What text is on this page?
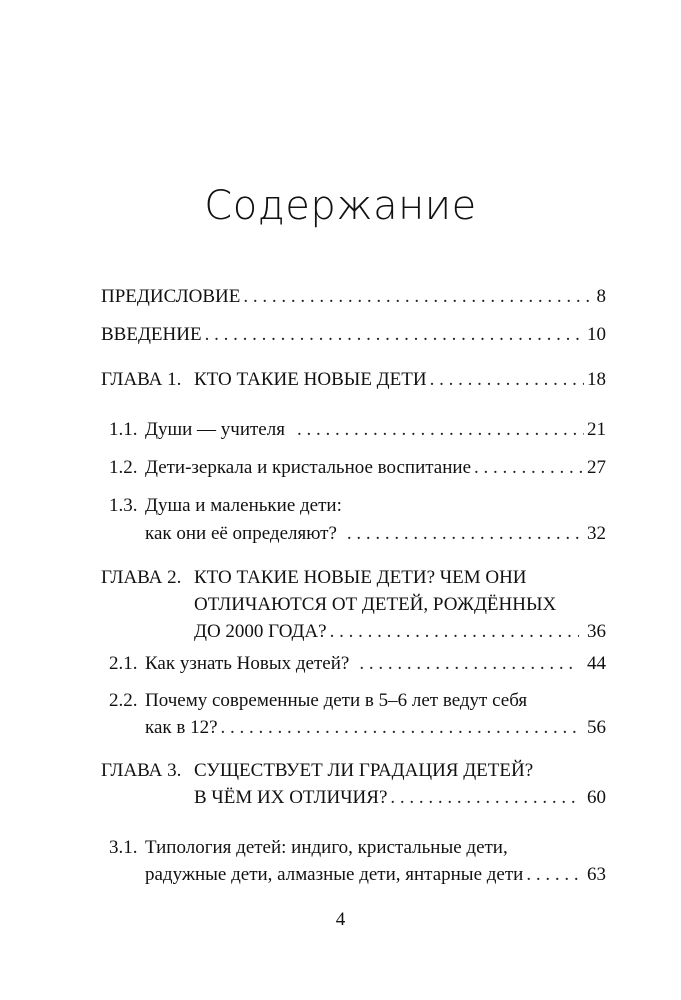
Содержание
ПРЕДИСЛОВИЕ . . .	8
ВВЕДЕНИЕ . . .	10
ГЛАВА 1. КТО ТАКИЕ НОВЫЕ ДЕТИ . . .	18
1.1. Души — учителя . . .	21
1.2. Дети-зеркала и кристальное воспитание . . .	27
1.3. Душа и маленькие дети:
как они её определяют? . . .	32
ГЛАВА 2. КТО ТАКИЕ НОВЫЕ ДЕТИ? ЧЕМ ОНИ
ОТЛИЧАЮТСЯ ОТ ДЕТЕЙ, РОЖДЁННЫХ
ДО 2000 ГОДА? . . .	36
2.1. Как узнать Новых детей? . . .	44
2.2. Почему современные дети в 5–6 лет ведут себя
как в 12? . . .	56
ГЛАВА 3. СУЩЕСТВУЕТ ЛИ ГРАДАЦИЯ ДЕТЕЙ?
В ЧЁМ ИХ ОТЛИЧИЯ? . . .	60
3.1. Типология детей: индиго, кристальные дети,
радужные дети, алмазные дети, янтарные дети . . .	63
4
